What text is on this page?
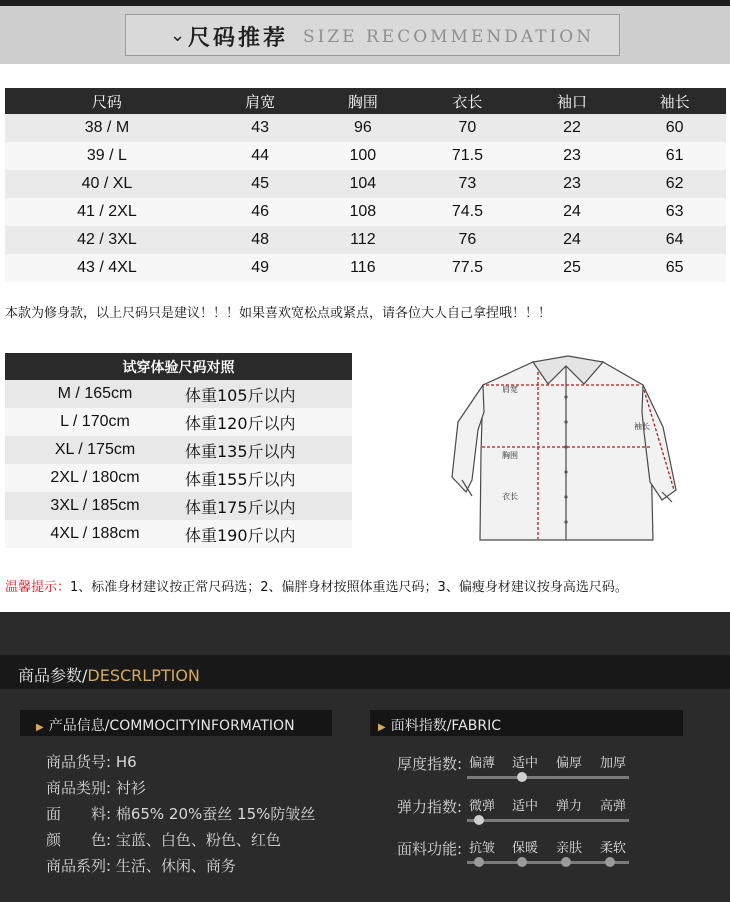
⌄ 尺码推荐 SIZE RECOMMENDATION
尺码	肩宽	胸围	衣长	袖口	袖长
38 / M	43	96	70	22	60
39 / L	44	100	71.5	23	61
40 / XL	45	104	73	23	62
41 / 2XL	46	108	74.5	24	63
42 / 3XL	48	112	76	24	64
43 / 4XL	49	116	77.5	25	65
本款为修身款，以上尺码只是建议！！！如果喜欢宽松点或紧点，请各位大人自己拿捏哦！！！
试穿体验尺码对照	
M / 165cm	体重105斤以内
L / 170cm	体重120斤以内
XL / 175cm	体重135斤以内
2XL / 180cm	体重155斤以内
3XL / 185cm	体重175斤以内
4XL / 188cm	体重190斤以内
肩宽
胸围
衣长
袖长
温馨提示：1、标准身材建议按正常尺码选；2、偏胖身材按照体重选尺码；3、偏瘦身材建议按身高选尺码。
商品参数/DESCRLPTION
▶ 产品信息/COMMOCITYINFORMATION	▶ 面料指数/FABRIC
商品货号: H6
商品类别: 衬衫
面　　料: 棉65% 20%蚕丝 15%防皱丝
颜　　色: 宝蓝、白色、粉色、红色
商品系列: 生活、休闲、商务
厚度指数: 偏薄 适中 偏厚 加厚
弹力指数: 微弹 适中 弹力 高弹
面料功能: 抗皱 保暖 亲肤 柔软
